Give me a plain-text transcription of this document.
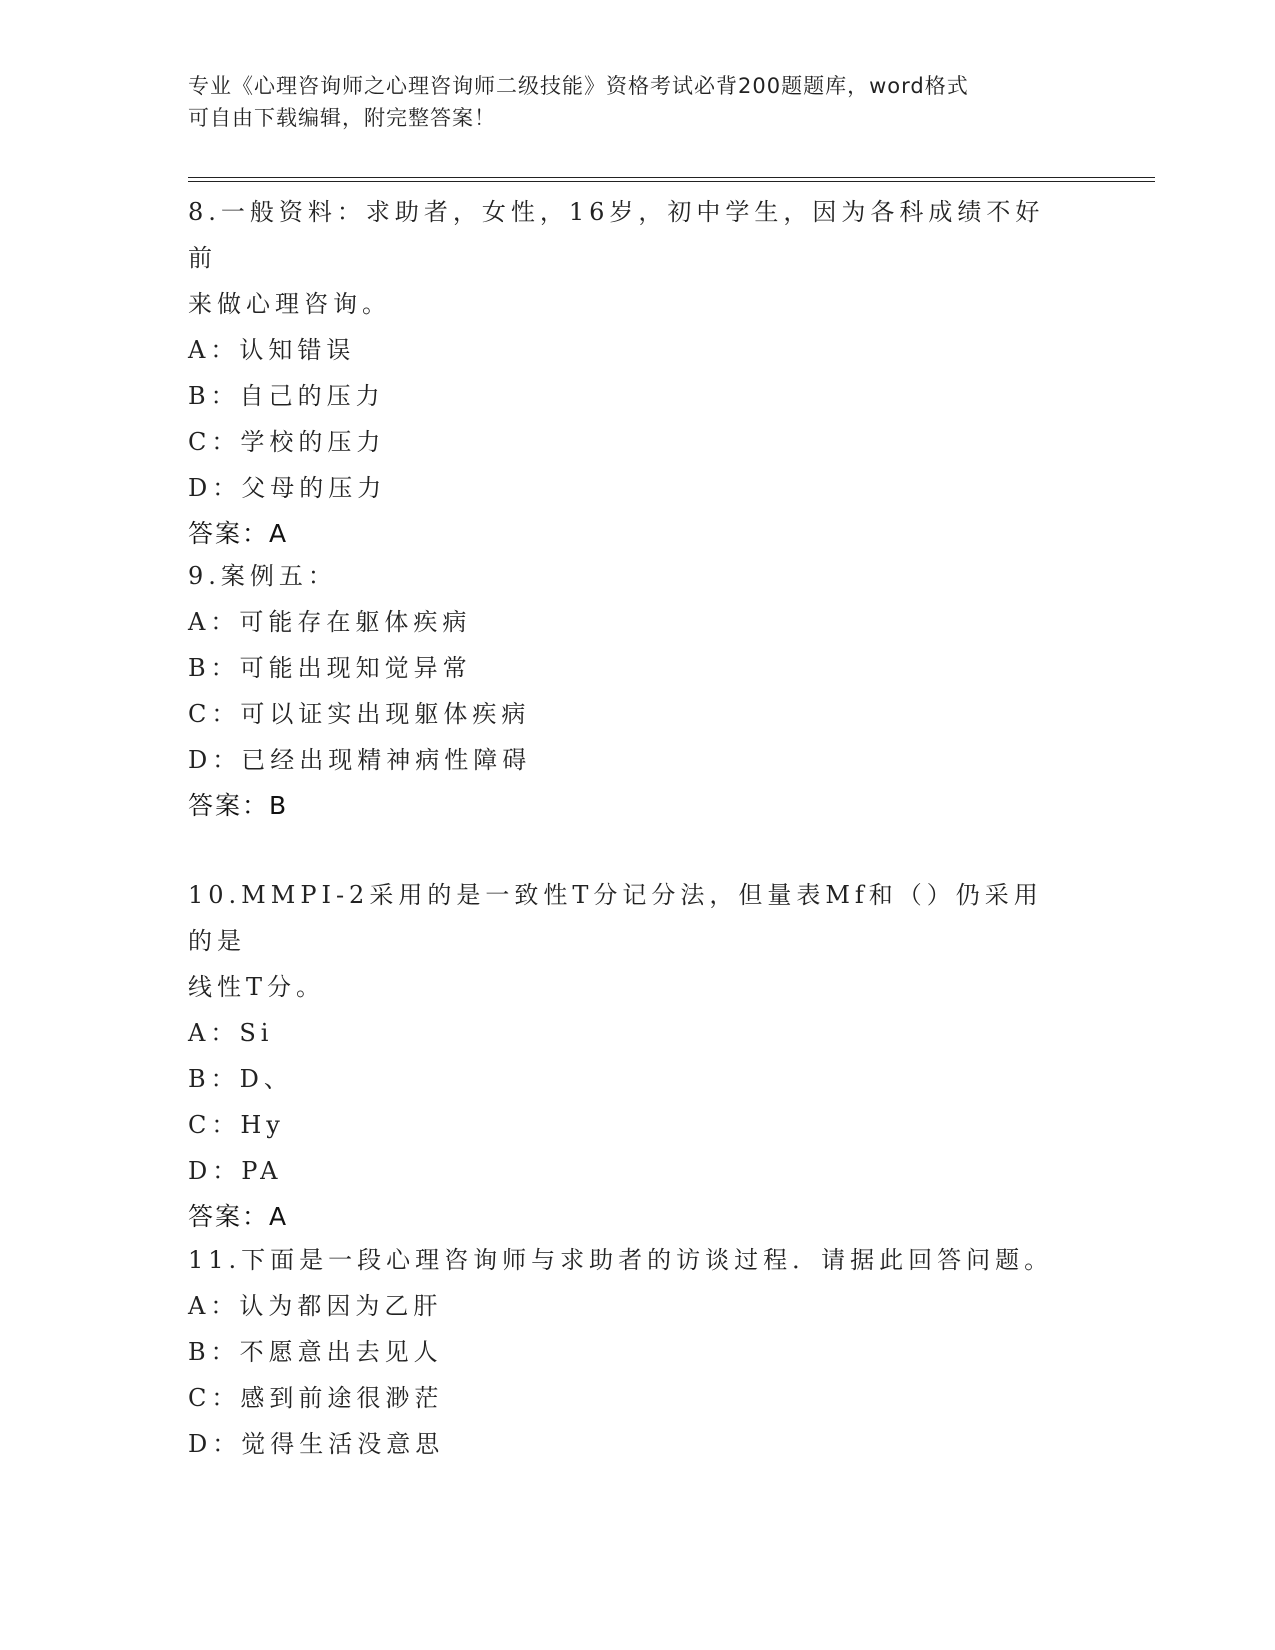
专业《心理咨询师之心理咨询师二级技能》资格考试必背200题题库，word格式
可自由下载编辑，附完整答案！
8.一般资料：求助者，女性，16岁，初中学生，因为各科成绩不好前
来做心理咨询。
A：认知错误
B：自己的压力
C：学校的压力
D：父母的压力
答案：A
9.案例五：
A：可能存在躯体疾病
B：可能出现知觉异常
C：可以证实出现躯体疾病
D：已经出现精神病性障碍
答案：B
10.MMPI-2采用的是一致性T分记分法，但量表Mf和（）仍采用的是
线性T分。
A：Si
B：D、
C：Hy
D：PA
答案：A
11.下面是一段心理咨询师与求助者的访谈过程．请据此回答问题。
A：认为都因为乙肝
B：不愿意出去见人
C：感到前途很渺茫
D：觉得生活没意思
